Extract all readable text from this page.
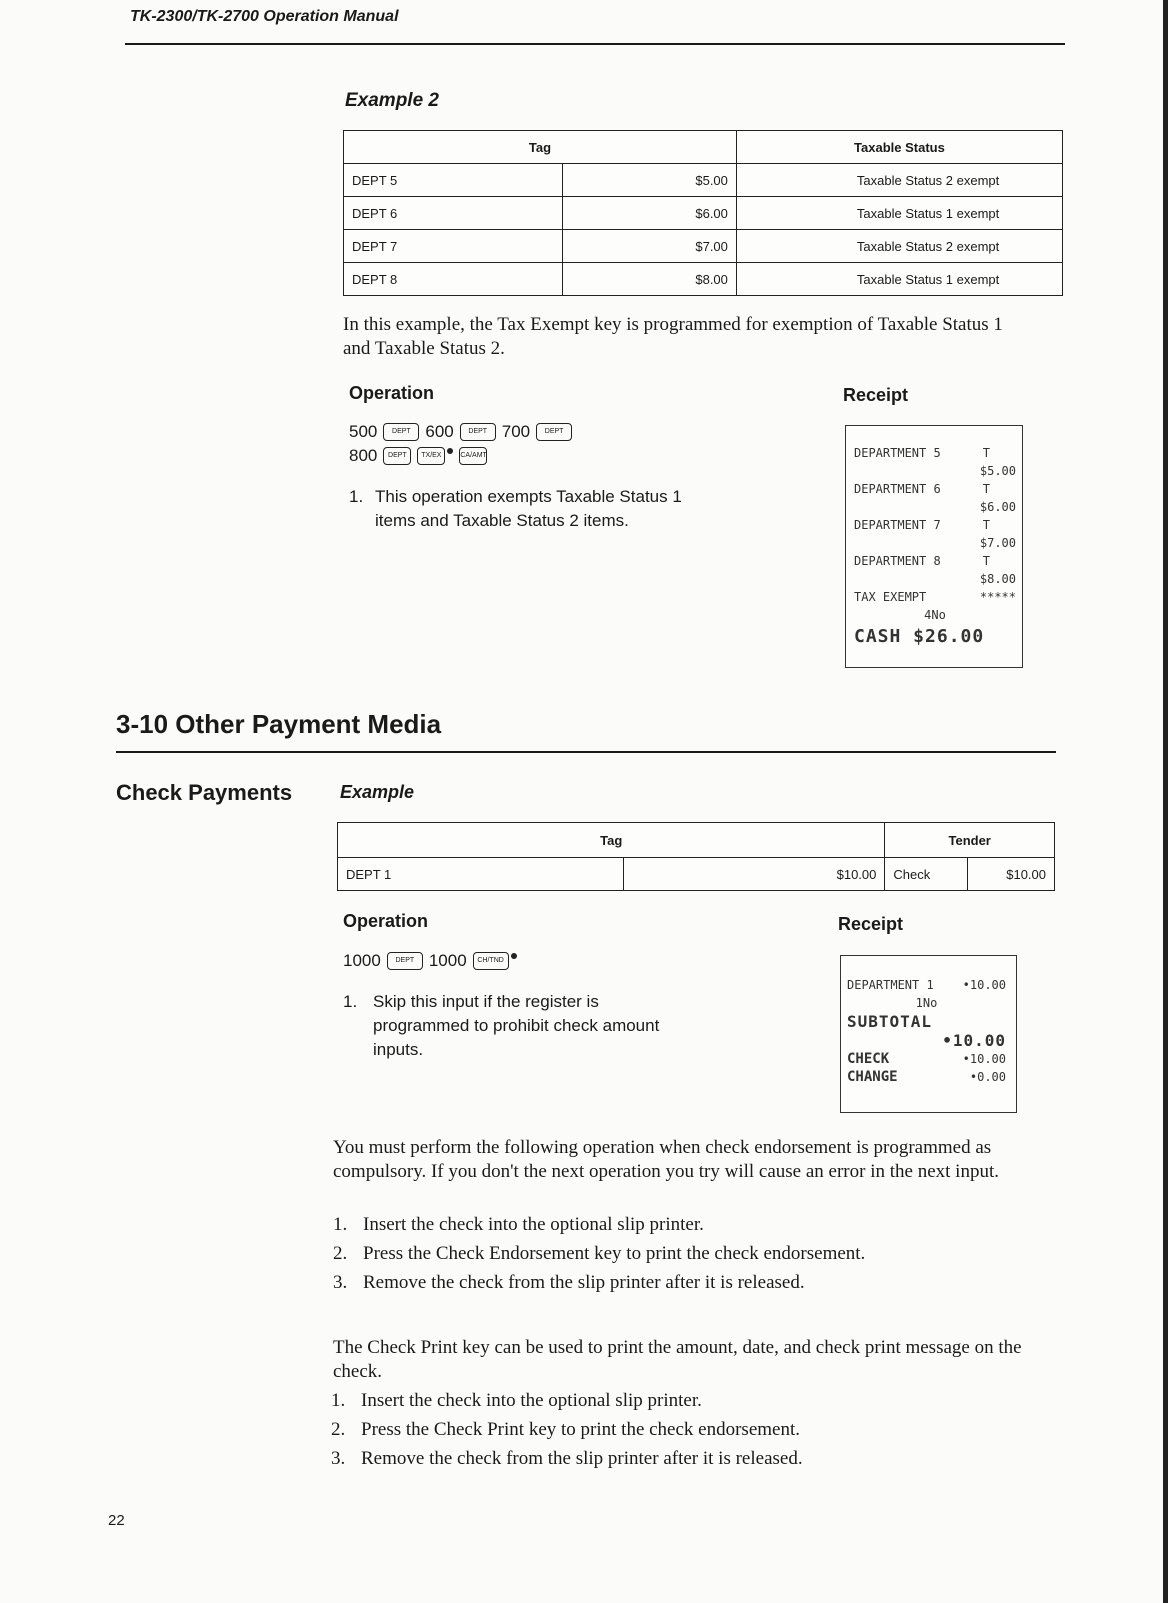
TK-2300/TK-2700 Operation Manual
Example 2
Tag		Taxable Status
DEPT 5	$5.00	Taxable Status 2 exempt
DEPT 6	$6.00	Taxable Status 1 exempt
DEPT 7	$7.00	Taxable Status 2 exempt
DEPT 8	$8.00	Taxable Status 1 exempt
In this example, the Tax Exempt key is programmed for exemption of Taxable Status 1 and Taxable Status 2.
Operation
500	DEPT 600	DEPT 700	DEPT
800	DEPT	TX/EX	CA/AMT
1. This operation exempts Taxable Status 1 items and Taxable Status 2 items.
Receipt
DEPARTMENT 5	T
$5.00
DEPARTMENT 6	T
$6.00
DEPARTMENT 7	T
$7.00
DEPARTMENT 8	T
$8.00
TAX EXEMPT	*****
4No
CASH $26.00
3-10 Other Payment Media
Check Payments	Example
Tag		Tender	
DEPT 1	$10.00	Check	$10.00
Operation
1000	DEPT 1000	CH/TND
1. Skip this input if the register is programmed to prohibit check amount inputs.
Receipt
DEPARTMENT 1 •10.00
1No
SUBTOTAL
•10.00
CHECK	•10.00
CHANGE	•0.00
You must perform the following operation when check endorsement is programmed as compulsory. If you don't the next operation you try will cause an error in the next input.
1. Insert the check into the optional slip printer.
2. Press the Check Endorsement key to print the check endorsement.
3. Remove the check from the slip printer after it is released.
The Check Print key can be used to print the amount, date, and check print message on the check.
1. Insert the check into the optional slip printer.
2. Press the Check Print key to print the check endorsement.
3. Remove the check from the slip printer after it is released.
22
